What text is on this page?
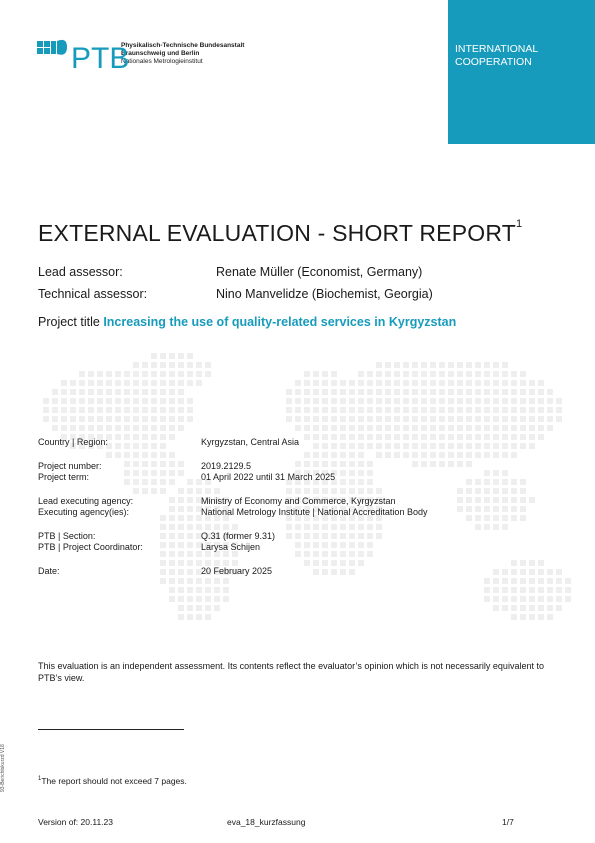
PTB
Physikalisch-Technische Bundesanstalt
Braunschweig und Berlin
Nationales Metrologieinstitut
INTERNATIONAL
COOPERATION
EXTERNAL EVALUATION - SHORT REPORT$^1$
Lead assessor:	Renate Müller (Economist, Germany)
Technical assessor:	Nino Manvelidze (Biochemist, Georgia)
Project title Increasing the use of quality-related services in Kyrgyzstan
Country | Region:	Kyrgyzstan, Central Asia
Project number:	2019.2129.5
Project term:	01 April 2022 until 31 March 2025
Lead executing agency:	Ministry of Economy and Commerce, Kyrgyzstan
Executing agency(ies):	National Metrology Institute | National Accreditation Body
PTB | Section:	Q.31 (former 9.31)
PTB | Project Coordinator:	Larysa Schijen
Date:	20 February 2025
This evaluation is an independent assessment. Its contents reflect the evaluator’s opinion which is not necessarily equivalent to PTB’s view.
$^1$The report should not exceed 7 pages.
93-Berichtskurzd V18
Version of: 20.11.23	eva_18_kurzfassung	1/7
